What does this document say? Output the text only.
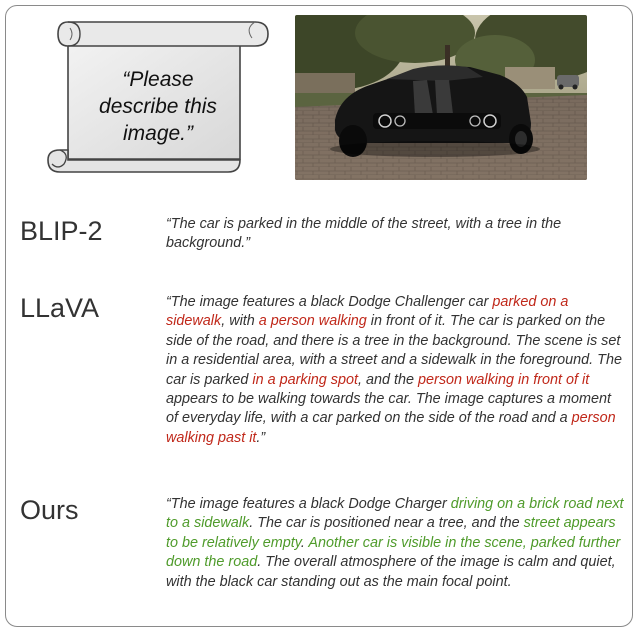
“Please
describe this
image.”
BLIP-2	“The car is parked in the middle of the street, with a tree in the background.”
LLaVA	“The image features a black Dodge Challenger car parked on a sidewalk, with a person walking in front of it. The car is parked on the side of the road, and there is a tree in the background. The scene is set in a residential area, with a street and a sidewalk in the foreground. The car is parked in a parking spot, and the person walking in front of it appears to be walking towards the car. The image captures a moment of everyday life, with a car parked on the side of the road and a person walking past it.”
Ours	“The image features a black Dodge Charger driving on a brick road next to a sidewalk. The car is positioned near a tree, and the street appears to be relatively empty. Another car is visible in the scene, parked further down the road. The overall atmosphere of the image is calm and quiet, with the black car standing out as the main focal point.
